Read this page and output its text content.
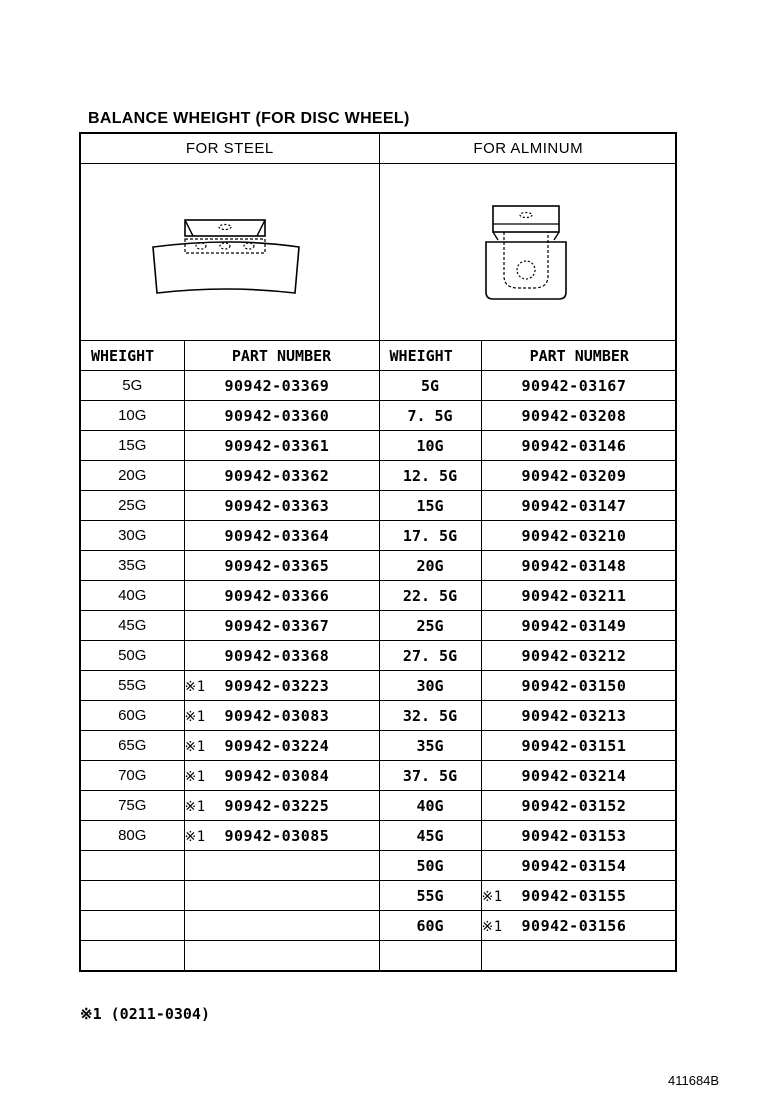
BALANCE WHEIGHT (FOR DISC WHEEL)
FOR STEEL		FOR ALMINUM	

WHEIGHT	PART NUMBER	WHEIGHT	PART NUMBER
5G	90942-03369	5G	90942-03167
10G	90942-03360	7. 5G	90942-03208
15G	90942-03361	10G	90942-03146
20G	90942-03362	12. 5G	90942-03209
25G	90942-03363	15G	90942-03147
30G	90942-03364	17. 5G	90942-03210
35G	90942-03365	20G	90942-03148
40G	90942-03366	22. 5G	90942-03211
45G	90942-03367	25G	90942-03149
50G	90942-03368	27. 5G	90942-03212
55G	※1 90942-03223	30G	90942-03150
60G	※1 90942-03083	32. 5G	90942-03213
65G	※1 90942-03224	35G	90942-03151
70G	※1 90942-03084	37. 5G	90942-03214
75G	※1 90942-03225	40G	90942-03152
80G	※1 90942-03085	45G	90942-03153
		50G	90942-03154
		55G	※1 90942-03155
		60G	※1 90942-03156

※1 (0211-0304)
411684B
